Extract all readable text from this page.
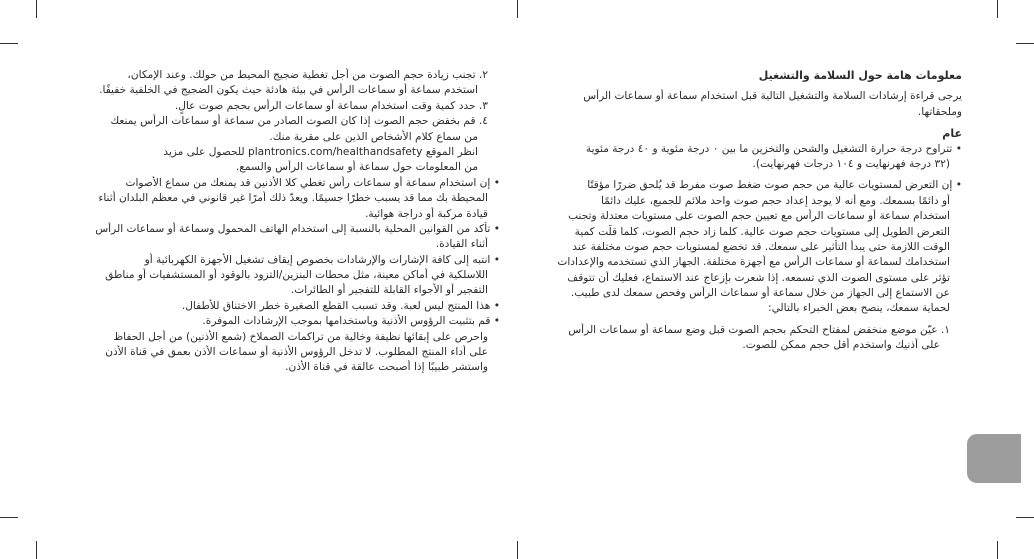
معلومات هامة حول السلامة والتشغيل
يرجى قراءة إرشادات السلامة والتشغيل التالية قبل استخدام سماعة أو سماعات الرأس
وملحقاتها.
عام
• تتراوح درجة حرارة التشغيل والشحن والتخزين ما بين ٠ درجة مئوية و ٤٠ درجة مئوية
(٣٢ درجة فهرنهايت و ١٠٤ درجات فهرنهايت).
• إن التعرض لمستويات عالية من حجم صوت ضغط صوت مفرط قد يُلحق ضررًا مؤقتًا
أو دائمًا بسمعك. ومع أنه لا يوجد إعداد حجم صوت واحد ملائم للجميع، عليك دائمًا
استخدام سماعة أو سماعات الرأس مع تعيين حجم الصوت على مستويات معتدلة وتجنب
التعرض الطويل إلى مستويات حجم صوت عالية. كلما زاد حجم الصوت، كلما قلّت كمية
الوقت اللازمة حتى يبدأ التأثير على سمعك. قد تخضع لمستويات حجم صوت مختلفة عند
استخدامك لسماعة أو سماعات الرأس مع أجهزة مختلفة. الجهاز الذي تستخدمه والإعدادات
تؤثر على مستوى الصوت الذي تسمعه. إذا شعرت بإزعاج عند الاستماع، فعليك أن تتوقف
عن الاستماع إلى الجهاز من خلال سماعة أو سماعات الرأس وفحص سمعك لدى طبيب.
لحماية سمعك، ينصح بعض الخبراء بالتالي:
١. عيّن موضع منخفض لمفتاح التحكم بحجم الصوت قبل وضع سماعة أو سماعات الرأس
على أذنيك واستخدم أقل حجم ممكن للصوت.
٢. تجنب زيادة حجم الصوت من أجل تغطية ضجيج المحيط من حولك. وعند الإمكان،
استخدم سماعة أو سماعات الرأس في بيئة هادئة حيث يكون الضجيج في الخلفية خفيفًا.
٣. حدد كمية وقت استخدام سماعة أو سماعات الرأس بحجم صوت عالٍ.
٤. قم بخفض حجم الصوت إذا كان الصوت الصادر من سماعة أو سماعات الرأس يمنعك
من سماع كلام الأشخاص الذين على مقربة منك.
انظر الموقع plantronics.com/healthandsafety للحصول على مزيد
من المعلومات حول سماعة أو سماعات الرأس والسمع.
• إن استخدام سماعة أو سماعات رأس تغطي كلا الأذنين قد يمنعك من سماع الأصوات
المحيطة بك مما قد يسبب خطرًا جسيمًا. ويعدّ ذلك أمرًا غير قانوني في معظم البلدان أثناء
قيادة مركبة أو دراجة هوائية.
• تأكد من القوانين المحلية بالنسبة إلى استخدام الهاتف المحمول وسماعة أو سماعات الرأس
أثناء القيادة.
• انتبه إلى كافة الإشارات والإرشادات بخصوص إيقاف تشغيل الأجهزة الكهربائية أو
اللاسلكية في أماكن معينة، مثل محطات البنزين/التزود بالوقود أو المستشفيات أو مناطق
التفجير أو الأجواء القابلة للتفجير أو الطائرات.
• هذا المنتج ليس لعبة. وقد تسبب القطع الصغيرة خطر الاختناق للأطفال.
• قم بتثبيت الرؤوس الأذنية وباستخدامها بموجب الإرشادات الموفرة.
واحرص على إبقائها نظيفة وخالية من تراكمات الصملاخ (شمع الأذنين) من أجل الحفاظ
على أداء المنتج المطلوب. لا تدخل الرؤوس الأذنية أو سماعات الأذن بعمق في قناة الأذن
واستشر طبيبًا إذا أصبحت عالقة في قناة الأذن.
